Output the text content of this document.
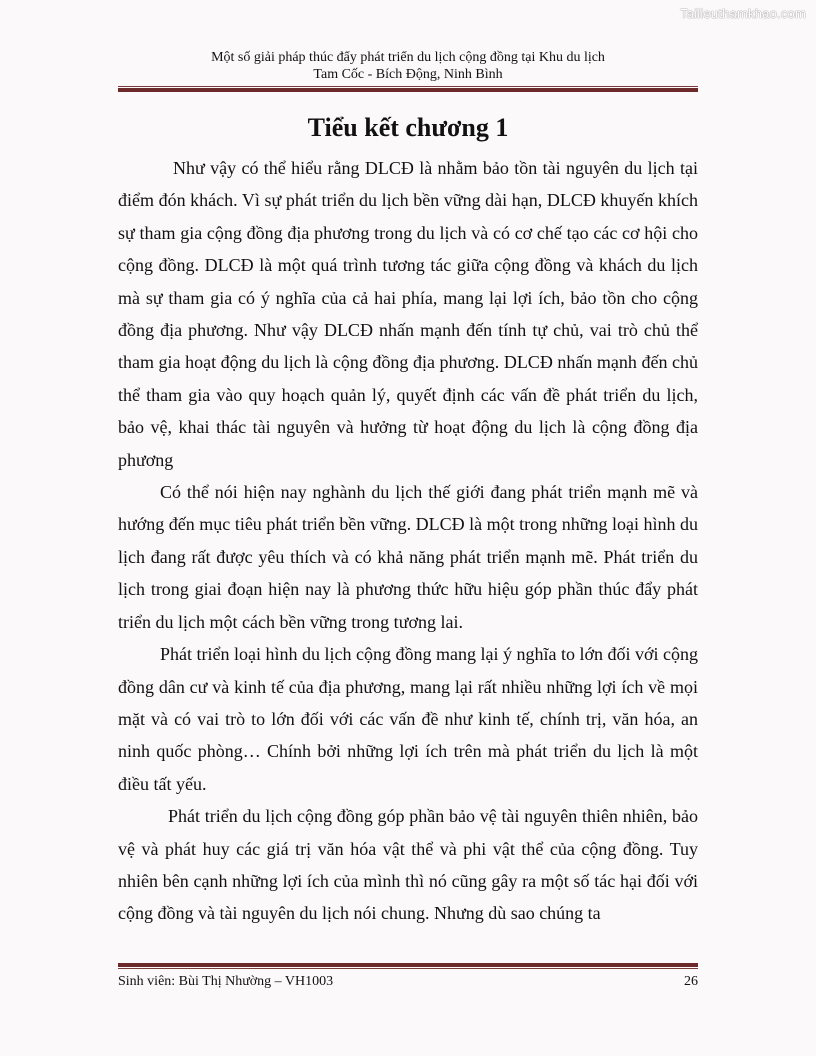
Tailieuthamkhao.com
Một số giải pháp thúc đẩy phát triển du lịch cộng đồng tại Khu du lịch
Tam Cốc - Bích Động, Ninh Bình
Tiểu kết chương 1

Như vậy có thể hiểu rằng DLCĐ là nhằm bảo tồn tài nguyên du lịch tại điểm đón khách. Vì sự phát triển du lịch bền vững dài hạn, DLCĐ khuyến khích sự tham gia cộng đồng địa phương trong du lịch và có cơ chế tạo các cơ hội cho cộng đồng. DLCĐ là một quá trình tương tác giữa cộng đồng và khách du lịch mà sự tham gia có ý nghĩa của cả hai phía, mang lại lợi ích, bảo tồn cho cộng đồng địa phương. Như vậy DLCĐ nhấn mạnh đến tính tự chủ, vai trò chủ thể tham gia hoạt động du lịch là cộng đồng địa phương. DLCĐ nhấn mạnh đến chủ thể tham gia vào quy hoạch quản lý, quyết định các vấn đề phát triển du lịch, bảo vệ, khai thác tài nguyên và hưởng từ hoạt động du lịch là cộng đồng địa phương

Có thể nói hiện nay nghành du lịch thế giới đang phát triển mạnh mẽ và hướng đến mục tiêu phát triển bền vững. DLCĐ là một trong những loại hình du lịch đang rất được yêu thích và có khả năng phát triển mạnh mẽ. Phát triển du lịch trong giai đoạn hiện nay là phương thức hữu hiệu góp phần thúc đẩy phát triển du lịch một cách bền vững trong tương lai.

Phát triển loại hình du lịch cộng đồng mang lại ý nghĩa to lớn đối với cộng đồng dân cư và kinh tế của địa phương, mang lại rất nhiều những lợi ích về mọi mặt và có vai trò to lớn đối với các vấn đề như kinh tế, chính trị, văn hóa, an ninh quốc phòng… Chính bởi những lợi ích trên mà phát triển du lịch là một điều tất yếu.

Phát triển du lịch cộng đồng góp phần bảo vệ tài nguyên thiên nhiên, bảo vệ và phát huy các giá trị văn hóa vật thể và phi vật thể của cộng đồng. Tuy nhiên bên cạnh những lợi ích của mình thì nó cũng gây ra một số tác hại đối với cộng đồng và tài nguyên du lịch nói chung. Nhưng dù sao chúng ta

Sinh viên: Bùi Thị Nhường – VH1003	26
